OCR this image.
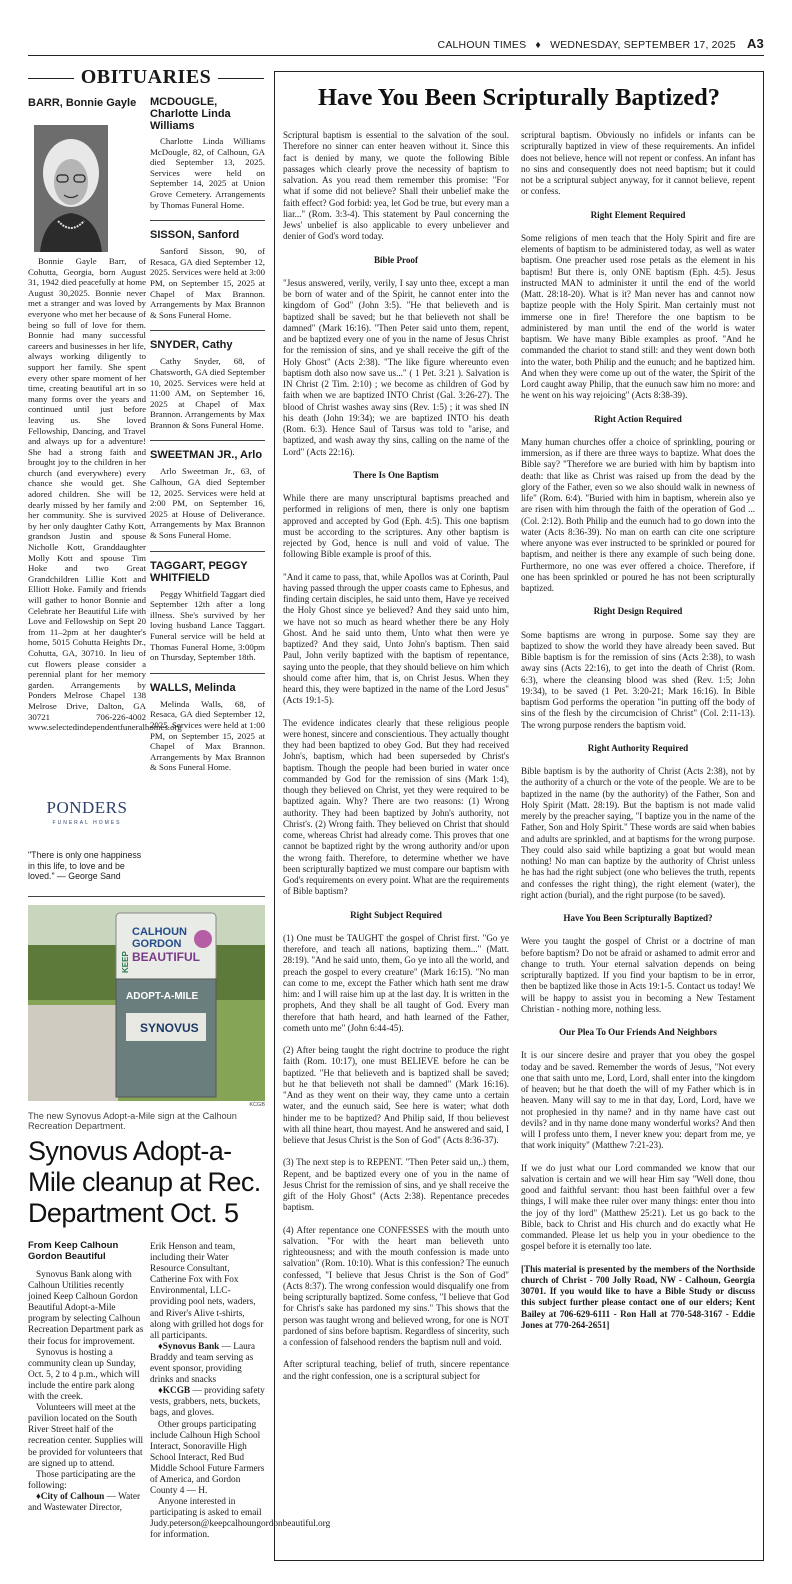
CALHOUN TIMES ♦ WEDNESDAY, SEPTEMBER 17, 2025 A3
OBITUARIES
BARR, Bonnie Gayle

Bonnie Gayle Barr, of Cohutta, Georgia, born August 31, 1942 died peacefully at home August 30,2025. Bonnie never met a stranger and was loved by everyone who met her because of being so full of love for them. Bonnie had many successful careers and businesses in her life, always working diligently to support her family. She spent every other spare moment of her time, creating beautiful art in so many forms over the years and continued until just before leaving us. She loved Fellowship, Dancing, and Travel and always up for a adventure! She had a strong faith and brought joy to the children in her church (and everywhere) every chance she would get. She adored children. She will be dearly missed by her family and her community. She is survived by her only daughter Cathy Kott, grandson Justin and spouse Nicholle Kott, Granddaughter Molly Kott and spouse Tim Hoke and two Great Grandchildren Lillie Kott and Elliott Hoke. Family and friends will gather to honor Bonnie and Celebrate her Beautiful Life with Love and Fellowship on Sept 20 from 11–2pm at her daughter's home, 5015 Cohutta Heights Dr., Cohutta, GA, 30710. In lieu of cut flowers please consider a perennial plant for her memory garden. Arrangements by Ponders Melrose Chapel 138 Melrose Drive, Dalton, GA 30721 706-226-4002 www.selectedindependentfuneralhomes.org

PONDERS
FUNERAL HOMES
"There is only one happiness in this life, to love and be loved." — George Sand
MCDOUGLE, Charlotte Linda Williams

Charlotte Linda Williams McDougle, 82, of Calhoun, GA died September 13, 2025. Services were held on September 14, 2025 at Union Grove Cemetery. Arrangements by Thomas Funeral Home.

SISSON, Sanford

Sanford Sisson, 90, of Resaca, GA died September 12, 2025. Services were held at 3:00 PM, on September 15, 2025 at Chapel of Max Brannon. Arrangements by Max Brannon & Sons Funeral Home.

SNYDER, Cathy

Cathy Snyder, 68, of Chatsworth, GA died September 10, 2025. Services were held at 11:00 AM, on September 16, 2025 at Chapel of Max Brannon. Arrangements by Max Brannon & Sons Funeral Home.

SWEETMAN JR., Arlo

Arlo Sweetman Jr., 63, of Calhoun, GA died September 12, 2025. Services were held at 2:00 PM, on September 16, 2025 at House of Deliverance. Arrangements by Max Brannon & Sons Funeral Home.

TAGGART, PEGGY WHITFIELD

Peggy Whitfield Taggart died September 12th after a long illness. She's survived by her loving husband Lance Taggart. Funeral service will be held at Thomas Funeral Home, 3:00pm on Thursday, September 18th.

WALLS, Melinda

Melinda Walls, 68, of Resaca, GA died September 12, 2025. Services were held at 1:00 PM, on September 15, 2025 at Chapel of Max Brannon. Arrangements by Max Brannon & Sons Funeral Home.

KEEP
CALHOUN
GORDON
BEAUTIFUL
ADOPT-A-MILE
SYNOVUS
KCGB
The new Synovus Adopt-a-Mile sign at the Calhoun Recreation Department.
Synovus Adopt-a-Mile cleanup at Rec. Department Oct. 5
From Keep Calhoun Gordon Beautiful

Synovus Bank along with Calhoun Utilities recently joined Keep Calhoun Gordon Beautiful Adopt-a-Mile program by selecting Calhoun Recreation Department park as their focus for improvement.

Synovus is hosting a community clean up Sunday, Oct. 5, 2 to 4 p.m., which will include the entire park along with the creek.

Volunteers will meet at the pavilion located on the South River Street half of the recreation center. Supplies will be provided for volunteers that are signed up to attend.

Those participating are the following:

♦City of Calhoun — Water and Wastewater Director,

Erik Henson and team, including their Water Resource Consultant, Catherine Fox with Fox Environmental, LLC- providing pool nets, waders, and River's Alive t-shirts, along with grilled hot dogs for all participants.

♦Synovus Bank — Laura Braddy and team serving as event sponsor, providing drinks and snacks

♦KCGB — providing safety vests, grabbers, nets, buckets, bags, and gloves.

Other groups participating include Calhoun High School Interact, Sonoraville High School Interact, Red Bud Middle School Future Farmers of America, and Gordon County 4 — H.

Anyone interested in participating is asked to email Judy.peterson@keepcalhoungordonbeautiful.org for information.

Have You Been Scripturally Baptized?

Scriptural baptism is essential to the salvation of the soul. Therefore no sinner can enter heaven without it. Since this fact is denied by many, we quote the following Bible passages which clearly prove the necessity of baptism to salvation. As you read them remember this promise: "For what if some did not believe? Shall their unbelief make the faith effect? God forbid: yea, let God be true, but every man a liar..." (Rom. 3:3-4). This statement by Paul concerning the Jews' unbelief is also applicable to every unbeliever and denier of God's word today.

Bible Proof

"Jesus answered, verily, verily, I say unto thee, except a man be born of water and of the Spirit, he cannot enter into the kingdom of God" (John 3:5). "He that believeth and is baptized shall be saved; but he that believeth not shall be damned" (Mark 16:16). "Then Peter said unto them, repent, and be baptized every one of you in the name of Jesus Christ for the remission of sins, and ye shall receive the gift of the Holy Ghost" (Acts 2:38). "The like figure whereunto even baptism doth also now save us..." ( 1 Pet. 3:21 ). Salvation is IN Christ (2 Tim. 2:10) ; we become as children of God by faith when we are baptized INTO Christ (Gal. 3:26-27). The blood of Christ washes away sins (Rev. 1:5) ; it was shed IN his death (John 19:34); we are baptized INTO his death (Rom. 6:3). Hence Saul of Tarsus was told to "arise, and baptized, and wash away thy sins, calling on the name of the Lord" (Acts 22:16).

There Is One Baptism

While there are many unscriptural baptisms preached and performed in religions of men, there is only one baptism approved and accepted by God (Eph. 4:5). This one baptism must be according to the scriptures. Any other baptism is rejected by God, hence is null and void of value. The following Bible example is proof of this.

"And it came to pass, that, while Apollos was at Corinth, Paul having passed through the upper coasts came to Ephesus, and finding certain disciples, he said unto them, Have ye received the Holy Ghost since ye believed? And they said unto him, we have not so much as heard whether there be any Holy Ghost. And he said unto them, Unto what then were ye baptized? And they said, Unto John's baptism. Then said Paul, John verily baptized with the baptism of repentance, saying unto the people, that they should believe on him which should come after him, that is, on Christ Jesus. When they heard this, they were baptized in the name of the Lord Jesus" (Acts 19:1-5).

The evidence indicates clearly that these religious people were honest, sincere and conscientious. They actually thought they had been baptized to obey God. But they had received John's, baptism, which had been superseded by Christ's baptism. Though the people had been buried in water once commanded by God for the remission of sins (Mark 1:4), though they believed on Christ, yet they were required to be baptized again. Why? There are two reasons: (1) Wrong authority. They had been baptized by John's authority, not Christ's. (2) Wrong faith. They believed on Christ that should come, whereas Christ had already come. This proves that one cannot be baptized right by the wrong authority and/or upon the wrong faith. Therefore, to determine whether we have been scripturally baptized we must compare our baptism with God's requirements on every point. What are the requirements of Bible baptism?

Right Subject Required

(1) One must be TAUGHT the gospel of Christ first. "Go ye therefore, and teach all nations, baptizing them..." (Matt. 28:19). "And he said unto, them, Go ye into all the world, and preach the gospel to every creature" (Mark 16:15). "No man can come to me, except the Father which hath sent me draw him: and I will raise him up at the last day. It is written in the prophets, And they shall be all taught of God. Every man therefore that hath heard, and hath learned of the Father, cometh unto me" (John 6:44-45).

(2) After being taught the right doctrine to produce the right faith (Rom. 10:17), one must BELIEVE before he can be baptized. "He that believeth and is baptized shall be saved; but he that believeth not shall be damned" (Mark 16:16). "And as they went on their way, they came unto a certain water, and the eunuch said, See here is water; what doth hinder me to be baptized? And Philip said, If thou believest with all thine heart, thou mayest. And he answered and said, I believe that Jesus Christ is the Son of God" (Acts 8:36-37).

(3) The next step is to REPENT. "Then Peter said un,.) them, Repent, and be baptized every one of you in the name of Jesus Christ for the remission of sins, and ye shall receive the gift of the Holy Ghost" (Acts 2:38). Repentance precedes baptism.

(4) After repentance one CONFESSES with the mouth unto salvation. "For with the heart man believeth unto righteousness; and with the mouth confession is made unto salvation" (Rom. 10:10). What is this confession? The eunuch confessed, "I believe that Jesus Christ is the Son of God" (Acts 8:37). The wrong confession would disqualify one from being scripturally baptized. Some confess, "I believe that God for Christ's sake has pardoned my sins." This shows that the person was taught wrong and believed wrong, for one is NOT pardoned of sins before baptism. Regardless of sincerity, such a confession of falsehood renders the baptism null and void.

After scriptural teaching, belief of truth, sincere repentance and the right confession, one is a scriptural subject for

scriptural baptism. Obviously no infidels or infants can be scripturally baptized in view of these requirements. An infidel does not believe, hence will not repent or confess. An infant has no sins and consequently does not need baptism; but it could not be a scriptural subject anyway, for it cannot believe, repent or confess.

Right Element Required

Some religions of men teach that the Holy Spirit and fire are elements of baptism to be administered today, as well as water baptism. One preacher used rose petals as the element in his baptism! But there is, only ONE baptism (Eph. 4:5). Jesus instructed MAN to administer it until the end of the world (Matt. 28:18-20). What is it? Man never has and cannot now baptize people with the Holy Spirit. Man certainly must not immerse one in fire! Therefore the one baptism to be administered by man until the end of the world is water baptism. We have many Bible examples as proof. "And he commanded the chariot to stand still: and they went down both into the water, both Philip and the eunuch; and he baptized him. And when they were come up out of the water, the Spirit of the Lord caught away Philip, that the eunuch saw him no more: and he went on his way rejoicing" (Acts 8:38-39).

Right Action Required

Many human churches offer a choice of sprinkling, pouring or immersion, as if there are three ways to baptize. What does the Bible say? "Therefore we are buried with him by baptism into death: that like as Christ was raised up from the dead by the glory of the Father, even so we also should walk in newness of life" (Rom. 6:4). "Buried with him in baptism, wherein also ye are risen with him through the faith of the operation of God ...(Col. 2:12). Both Philip and the eunuch had to go down into the water (Acts 8:36-39). No man on earth can cite one scripture where anyone was ever instructed to be sprinkled or poured for baptism, and neither is there any example of such being done. Furthermore, no one was ever offered a choice. Therefore, if one has been sprinkled or poured he has not been scripturally baptized.

Right Design Required

Some baptisms are wrong in purpose. Some say they are baptized to show the world they have already been saved. But Bible baptism is for the remission of sins (Acts 2:38), to wash away sins (Acts 22:16), to get into the death of Christ (Rom. 6:3), where the cleansing blood was shed (Rev. 1:5; John 19:34), to be saved (1 Pet. 3:20-21; Mark 16:16). In Bible baptism God performs the operation "in putting off the body of sins of the flesh by the circumcision of Christ" (Col. 2:11-13). The wrong purpose renders the baptism void.

Right Authority Required

Bible baptism is by the authority of Christ (Acts 2:38), not by the authority of a church or the vote of the people. We are to be baptized in the name (by the authority) of the Father, Son and Holy Spirit (Matt. 28:19). But the baptism is not made valid merely by the preacher saying, "I baptize you in the name of the Father, Son and Holy Spirit." These words are said when babies and adults are sprinkled, and at baptisms for the wrong purpose. They could also said while baptizing a goat but would mean nothing! No man can baptize by the authority of Christ unless he has had the right subject (one who believes the truth, repents and confesses the right thing), the right element (water), the right action (burial), and the right purpose (to be saved).

Have You Been Scripturally Baptized?

Were you taught the gospel of Christ or a doctrine of man before baptism? Do not be afraid or ashamed to admit error and change to truth. Your eternal salvation depends on being scripturally baptized. If you find your baptism to be in error, then be baptized like those in Acts 19:1-5. Contact us today! We will be happy to assist you in becoming a New Testament Christian - nothing more, nothing less.

Our Plea To Our Friends And Neighbors

It is our sincere desire and prayer that you obey the gospel today and be saved. Remember the words of Jesus, "Not every one that saith unto me, Lord, Lord, shall enter into the kingdom of heaven; but he that doeth the will of my Father which is in heaven. Many will say to me in that day, Lord, Lord, have we not prophesied in thy name? and in thy name have cast out devils? and in thy name done many wonderful works? And then will I profess unto them, I never knew you: depart from me, ye that work iniquity" (Matthew 7:21-23).

If we do just what our Lord commanded we know that our salvation is certain and we will hear Him say "Well done, thou good and faithful servant: thou hast been faithful over a few things, I will make thee ruler over many things: enter thou into the joy of thy lord" (Matthew 25:21). Let us go back to the Bible, back to Christ and His church and do exactly what He commanded. Please let us help you in your obedience to the gospel before it is eternally too late.

[This material is presented by the members of the Northside church of Christ - 700 Jolly Road, NW - Calhoun, Georgia 30701. If you would like to have a Bible Study or discuss this subject further please contact one of our elders; Kent Bailey at 706-629-6111 - Ron Hall at 770-548-3167 - Eddie Jones at 770-264-2651]
